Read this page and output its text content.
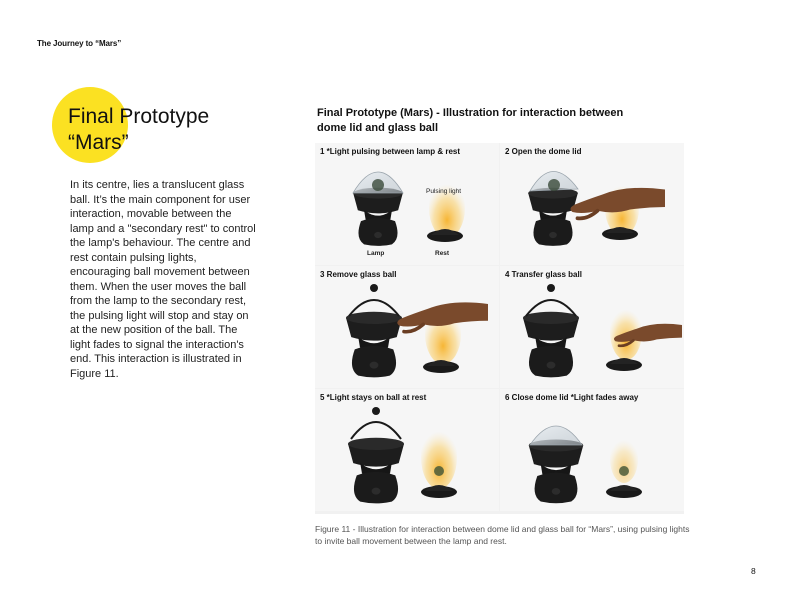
The Journey to “Mars”
Final Prototype
“Mars”

In its centre, lies a translucent glass ball. It’s the main component for user interaction, movable between the lamp and a "secondary rest" to control the lamp's behaviour. The centre and rest contain pulsing lights, encouraging ball movement between them. When the user moves the ball from the lamp to the secondary rest, the pulsing light will stop and stay on at the new position of the ball. The light fades to signal the interaction's end. This interaction is illustrated in Figure 11.

Final Prototype (Mars) - Illustration for interaction between dome lid and glass ball
1 *Light pulsing between lamp & rest
Pulsing light
Lamp	Rest
2 Open the dome lid
3 Remove glass ball	4 Transfer glass ball
5 *Light stays on ball at rest	6 Close dome lid *Light fades away

Figure 11 - Illustration for interaction between dome lid and glass ball for “Mars”, using pulsing lights to invite ball movement between the lamp and rest.

8
